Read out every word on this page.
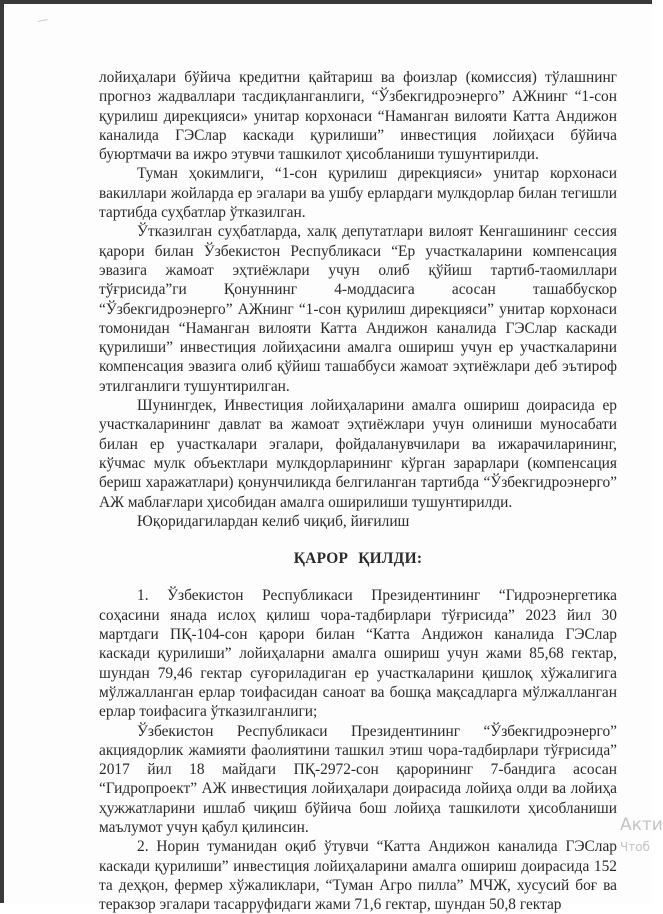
лойиҳалари бўйича кредитни қайтариш ва фоизлар (комиссия) тўлашнинг прогноз жадваллари тасдиқланганлиги, “Ўзбекгидроэнерго” АЖнинг “1-сон қурилиш дирекцияси» унитар корхонаси “Наманган вилояти Катта Андижон каналида ГЭСлар каскади қурилиши” инвестиция лойиҳаси бўйича буюртмачи ва ижро этувчи ташкилот ҳисобланиши тушунтирилди.

Туман ҳокимлиги, “1-сон қурилиш дирекцияси» унитар корхонаси вакиллари жойларда ер эгалари ва ушбу ерлардаги мулкдорлар билан тегишли тартибда суҳбатлар ўтказилган.

Ўтказилган суҳбатларда, халқ депутатлари вилоят Кенгашининг сессия қарори билан Ўзбекистон Республикаси “Ер участкаларини компенсация эвазига жамоат эҳтиёжлари учун олиб қўйиш тартиб-таомиллари тўғрисида”ги Қонуннинг 4-моддасига асосан ташаббускор “Ўзбекгидроэнерго” АЖнинг “1-сон қурилиш дирекцияси” унитар корхонаси томонидан “Наманган вилояти Катта Андижон каналида ГЭСлар каскади қурилиши” инвестиция лойиҳасини амалга ошириш учун ер участкаларини компенсация эвазига олиб қўйиш ташаббуси жамоат эҳтиёжлари деб эътироф этилганлиги тушунтирилган.

Шунингдек, Инвестиция лойиҳаларини амалга ошириш доирасида ер участкаларининг давлат ва жамоат эҳтиёжлари учун олиниши муносабати билан ер участкалари эгалари, фойдаланувчилари ва ижарачиларининг, кўчмас мулк объектлари мулкдорларининг кўрган зарарлари (компенсация бериш харажатлари) қонунчиликда белгиланган тартибда “Ўзбекгидроэнерго” АЖ маблағлари ҳисобидан амалга оширилиши тушунтирилди.

Юқоридагилардан келиб чиқиб, йиғилиш

ҚАРОР ҚИЛДИ:

1. Ўзбекистон Республикаси Президентининг “Гидроэнергетика соҳасини янада ислоҳ қилиш чора-тадбирлари тўғрисида” 2023 йил 30 мартдаги ПҚ-104-сон қарори билан “Катта Андижон каналида ГЭСлар каскади қурилиши” лойиҳаларни амалга ошириш учун жами 85,68 гектар, шундан 79,46 гектар суғориладиган ер участкаларини қишлоқ хўжалигига мўлжалланган ерлар тоифасидан саноат ва бошқа мақсадларга мўлжалланган ерлар тоифасига ўтказилганлиги;

Ўзбекистон Республикаси Президентининг “Ўзбекгидроэнерго” акциядорлик жамияти фаолиятини ташкил этиш чора-тадбирлари тўғрисида” 2017 йил 18 майдаги ПҚ-2972-сон қарорининг 7-бандига асосан “Гидропроект” АЖ инвестиция лойиҳалари доирасида лойиҳа олди ва лойиҳа ҳужжатларини ишлаб чиқиш бўйича бош лойиҳа ташкилоти ҳисобланиши маълумот учун қабул қилинсин.

2. Норин туманидан оқиб ўтувчи “Катта Андижон каналида ГЭСлар каскади қурилиши” инвестиция лойиҳаларини амалга ошириш доирасида 152 та деҳқон, фермер хўжаликлари, “Туман Агро пилла” МЧЖ, хусусий боғ ва теракзор эгалари тасарруфидаги жами 71,6 гектар, шундан 50,8 гектар

Акти
Чтоб
